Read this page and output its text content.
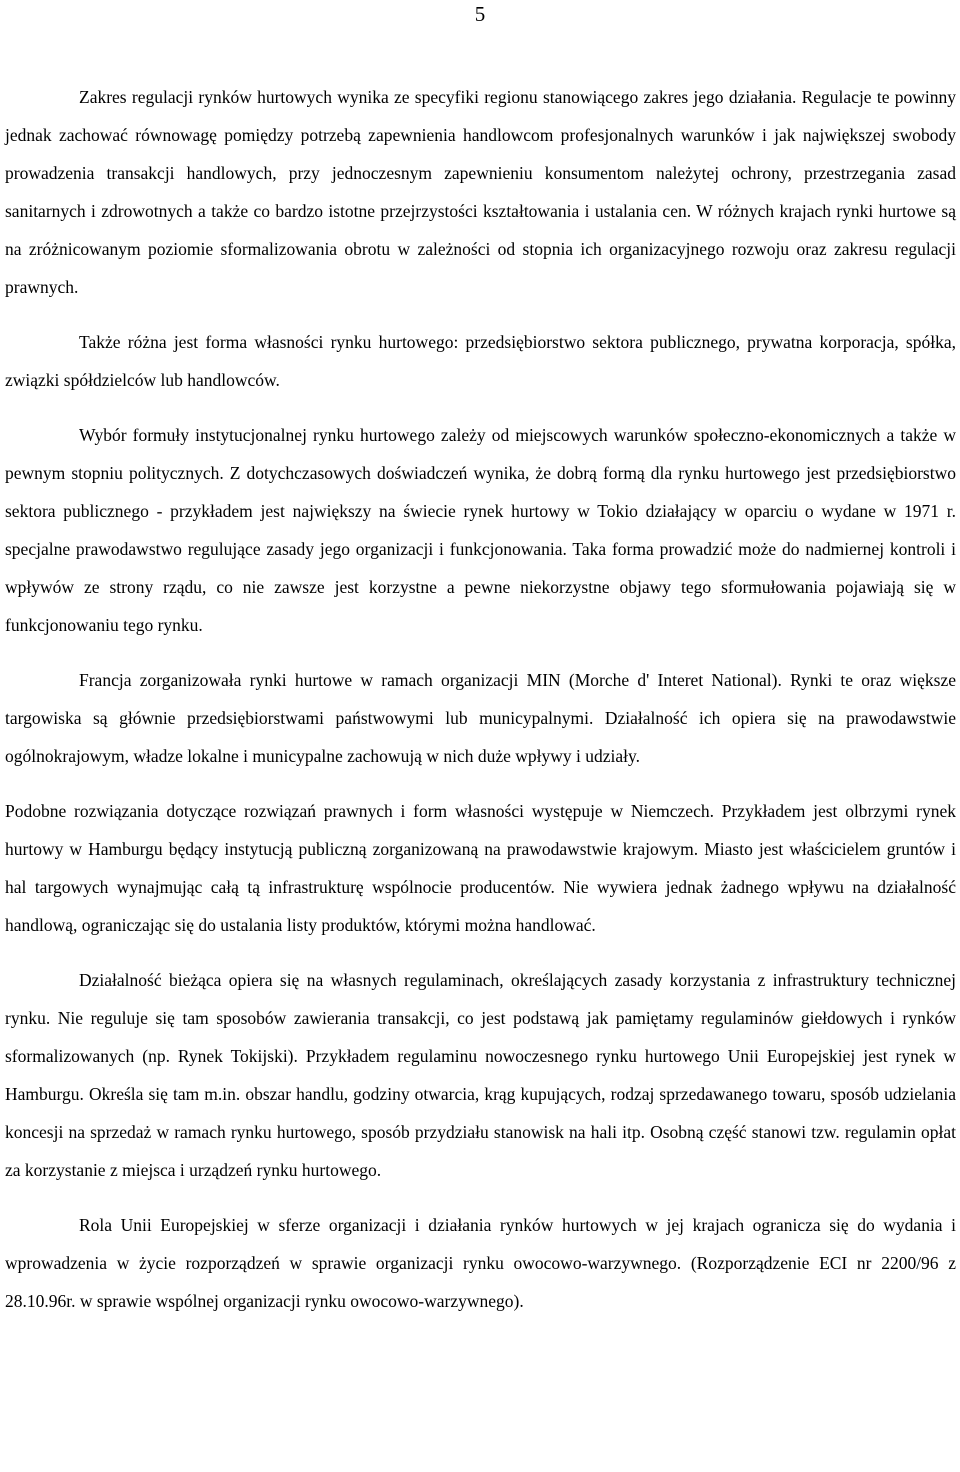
5

Zakres regulacji rynków hurtowych wynika ze specyfiki regionu stanowiącego zakres jego działania. Regulacje te powinny jednak zachować równowagę pomiędzy potrzebą zapewnienia handlowcom profesjonalnych warunków i jak największej swobody prowadzenia transakcji handlowych, przy jednoczesnym zapewnieniu konsumentom należytej ochrony, przestrzegania zasad sanitarnych i zdrowotnych a także co bardzo istotne przejrzystości kształtowania i ustalania cen. W różnych krajach rynki hurtowe są na zróżnicowanym poziomie sformalizowania obrotu w zależności od stopnia ich organizacyjnego rozwoju oraz zakresu regulacji prawnych.

Także różna jest forma własności rynku hurtowego: przedsiębiorstwo sektora publicznego, prywatna korporacja, spółka, związki spółdzielców lub handlowców.

Wybór formuły instytucjonalnej rynku hurtowego zależy od miejscowych warunków społeczno-ekonomicznych a także w pewnym stopniu politycznych. Z dotychczasowych doświadczeń wynika, że dobrą formą dla rynku hurtowego jest przedsiębiorstwo sektora publicznego - przykładem jest największy na świecie rynek hurtowy w Tokio działający w oparciu o wydane w 1971 r. specjalne prawodawstwo regulujące zasady jego organizacji i funkcjonowania. Taka forma prowadzić może do nadmiernej kontroli i wpływów ze strony rządu, co nie zawsze jest korzystne a pewne niekorzystne objawy tego sformułowania pojawiają się w funkcjonowaniu tego rynku.

Francja zorganizowała rynki hurtowe w ramach organizacji MIN (Morche d' Interet National). Rynki te oraz większe targowiska są głównie przedsiębiorstwami państwowymi lub municypalnymi. Działalność ich opiera się na prawodawstwie ogólnokrajowym, władze lokalne i municypalne zachowują w nich duże wpływy i udziały.

Podobne rozwiązania dotyczące rozwiązań prawnych i form własności występuje w Niemczech. Przykładem jest olbrzymi rynek hurtowy w Hamburgu będący instytucją publiczną zorganizowaną na prawodawstwie krajowym. Miasto jest właścicielem gruntów i hal targowych wynajmując całą tą infrastrukturę wspólnocie producentów. Nie wywiera jednak żadnego wpływu na działalność handlową, ograniczając się do ustalania listy produktów, którymi można handlować.

Działalność bieżąca opiera się na własnych regulaminach, określających zasady korzystania z infrastruktury technicznej rynku. Nie reguluje się tam sposobów zawierania transakcji, co jest podstawą jak pamiętamy regulaminów giełdowych i rynków sformalizowanych (np. Rynek Tokijski). Przykładem regulaminu nowoczesnego rynku hurtowego Unii Europejskiej jest rynek w Hamburgu. Określa się tam m.in. obszar handlu, godziny otwarcia, krąg kupujących, rodzaj sprzedawanego towaru, sposób udzielania koncesji na sprzedaż w ramach rynku hurtowego, sposób przydziału stanowisk na hali itp. Osobną część stanowi tzw. regulamin opłat za korzystanie z miejsca i urządzeń rynku hurtowego.

Rola Unii Europejskiej w sferze organizacji i działania rynków hurtowych w jej krajach ogranicza się do wydania i wprowadzenia w życie rozporządzeń w sprawie organizacji rynku owocowo-warzywnego. (Rozporządzenie ECI nr 2200/96 z 28.10.96r. w sprawie wspólnej organizacji rynku owocowo-warzywnego).
